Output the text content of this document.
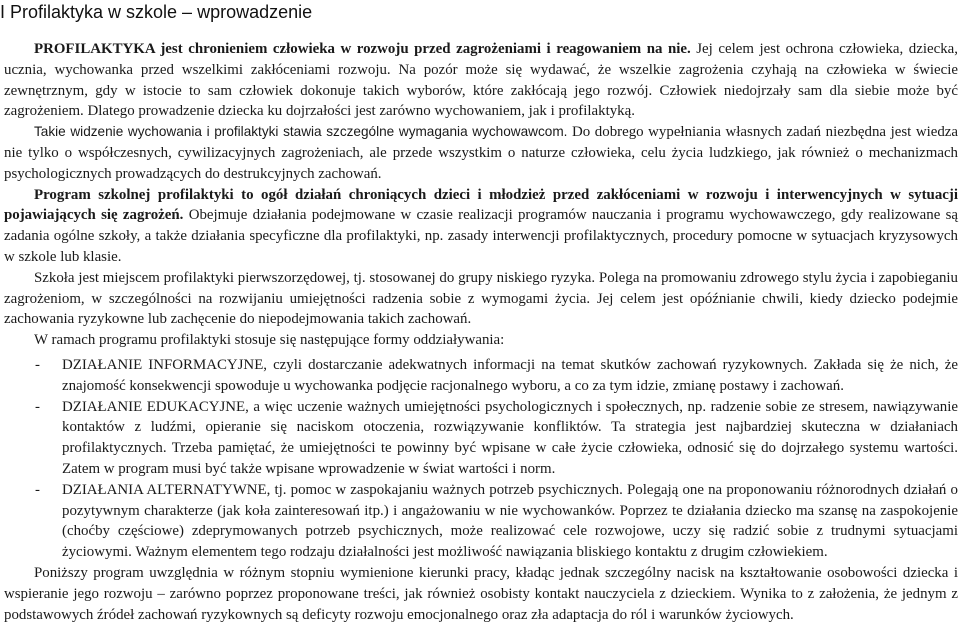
I Profilaktyka w szkole – wprowadzenie

PROFILAKTYKA jest chronieniem człowieka w rozwoju przed zagrożeniami i reagowaniem na nie. Jej celem jest ochrona człowieka, dziecka, ucznia, wychowanka przed wszelkimi zakłóceniami rozwoju. Na pozór może się wydawać, że wszelkie zagrożenia czyhają na człowieka w świecie zewnętrznym, gdy w istocie to sam człowiek dokonuje takich wyborów, które zakłócają jego rozwój. Człowiek niedojrzały sam dla siebie może być zagrożeniem. Dlatego prowadzenie dziecka ku dojrzałości jest zarówno wychowaniem, jak i profilaktyką.

Takie widzenie wychowania i profilaktyki stawia szczególne wymagania wychowawcom. Do dobrego wypełniania własnych zadań niezbędna jest wiedza nie tylko o współczesnych, cywilizacyjnych zagrożeniach, ale przede wszystkim o naturze człowieka, celu życia ludzkiego, jak również o mechanizmach psychologicznych prowadzących do destrukcyjnych zachowań.

Program szkolnej profilaktyki to ogół działań chroniących dzieci i młodzież przed zakłóceniami w rozwoju i interwencyjnych w sytuacji pojawiających się zagrożeń. Obejmuje działania podejmowane w czasie realizacji programów nauczania i programu wychowawczego, gdy realizowane są zadania ogólne szkoły, a także działania specyficzne dla profilaktyki, np. zasady interwencji profilaktycznych, procedury pomocne w sytuacjach kryzysowych w szkole lub klasie.

Szkoła jest miejscem profilaktyki pierwszorzędowej, tj. stosowanej do grupy niskiego ryzyka. Polega na promowaniu zdrowego stylu życia i zapobieganiu zagrożeniom, w szczególności na rozwijaniu umiejętności radzenia sobie z wymogami życia. Jej celem jest opóźnianie chwili, kiedy dziecko podejmie zachowania ryzykowne lub zachęcenie do niepodejmowania takich zachowań.

W ramach programu profilaktyki stosuje się następujące formy oddziaływania:

- DZIAŁANIE INFORMACYJNE, czyli dostarczanie adekwatnych informacji na temat skutków zachowań ryzykownych. Zakłada się że nich, że znajomość konsekwencji spowoduje u wychowanka podjęcie racjonalnego wyboru, a co za tym idzie, zmianę postawy i zachowań.
- DZIAŁANIE EDUKACYJNE, a więc uczenie ważnych umiejętności psychologicznych i społecznych, np. radzenie sobie ze stresem, nawiązywanie kontaktów z ludźmi, opieranie się naciskom otoczenia, rozwiązywanie konfliktów. Ta strategia jest najbardziej skuteczna w działaniach profilaktycznych. Trzeba pamiętać, że umiejętności te powinny być wpisane w całe życie człowieka, odnosić się do dojrzałego systemu wartości. Zatem w program musi być także wpisane wprowadzenie w świat wartości i norm.
- DZIAŁANIA ALTERNATYWNE, tj. pomoc w zaspokajaniu ważnych potrzeb psychicznych. Polegają one na proponowaniu różnorodnych działań o pozytywnym charakterze (jak koła zainteresowań itp.) i angażowaniu w nie wychowanków. Poprzez te działania dziecko ma szansę na zaspokojenie (choćby częściowe) zdeprymowanych potrzeb psychicznych, może realizować cele rozwojowe, uczy się radzić sobie z trudnymi sytuacjami życiowymi. Ważnym elementem tego rodzaju działalności jest możliwość nawiązania bliskiego kontaktu z drugim człowiekiem.

Poniższy program uwzględnia w różnym stopniu wymienione kierunki pracy, kładąc jednak szczególny nacisk na kształtowanie osobowości dziecka i wspieranie jego rozwoju – zarówno poprzez proponowane treści, jak również osobisty kontakt nauczyciela z dzieckiem. Wynika to z założenia, że jednym z podstawowych źródeł zachowań ryzykownych są deficyty rozwoju emocjonalnego oraz zła adaptacja do ról i warunków życiowych.
